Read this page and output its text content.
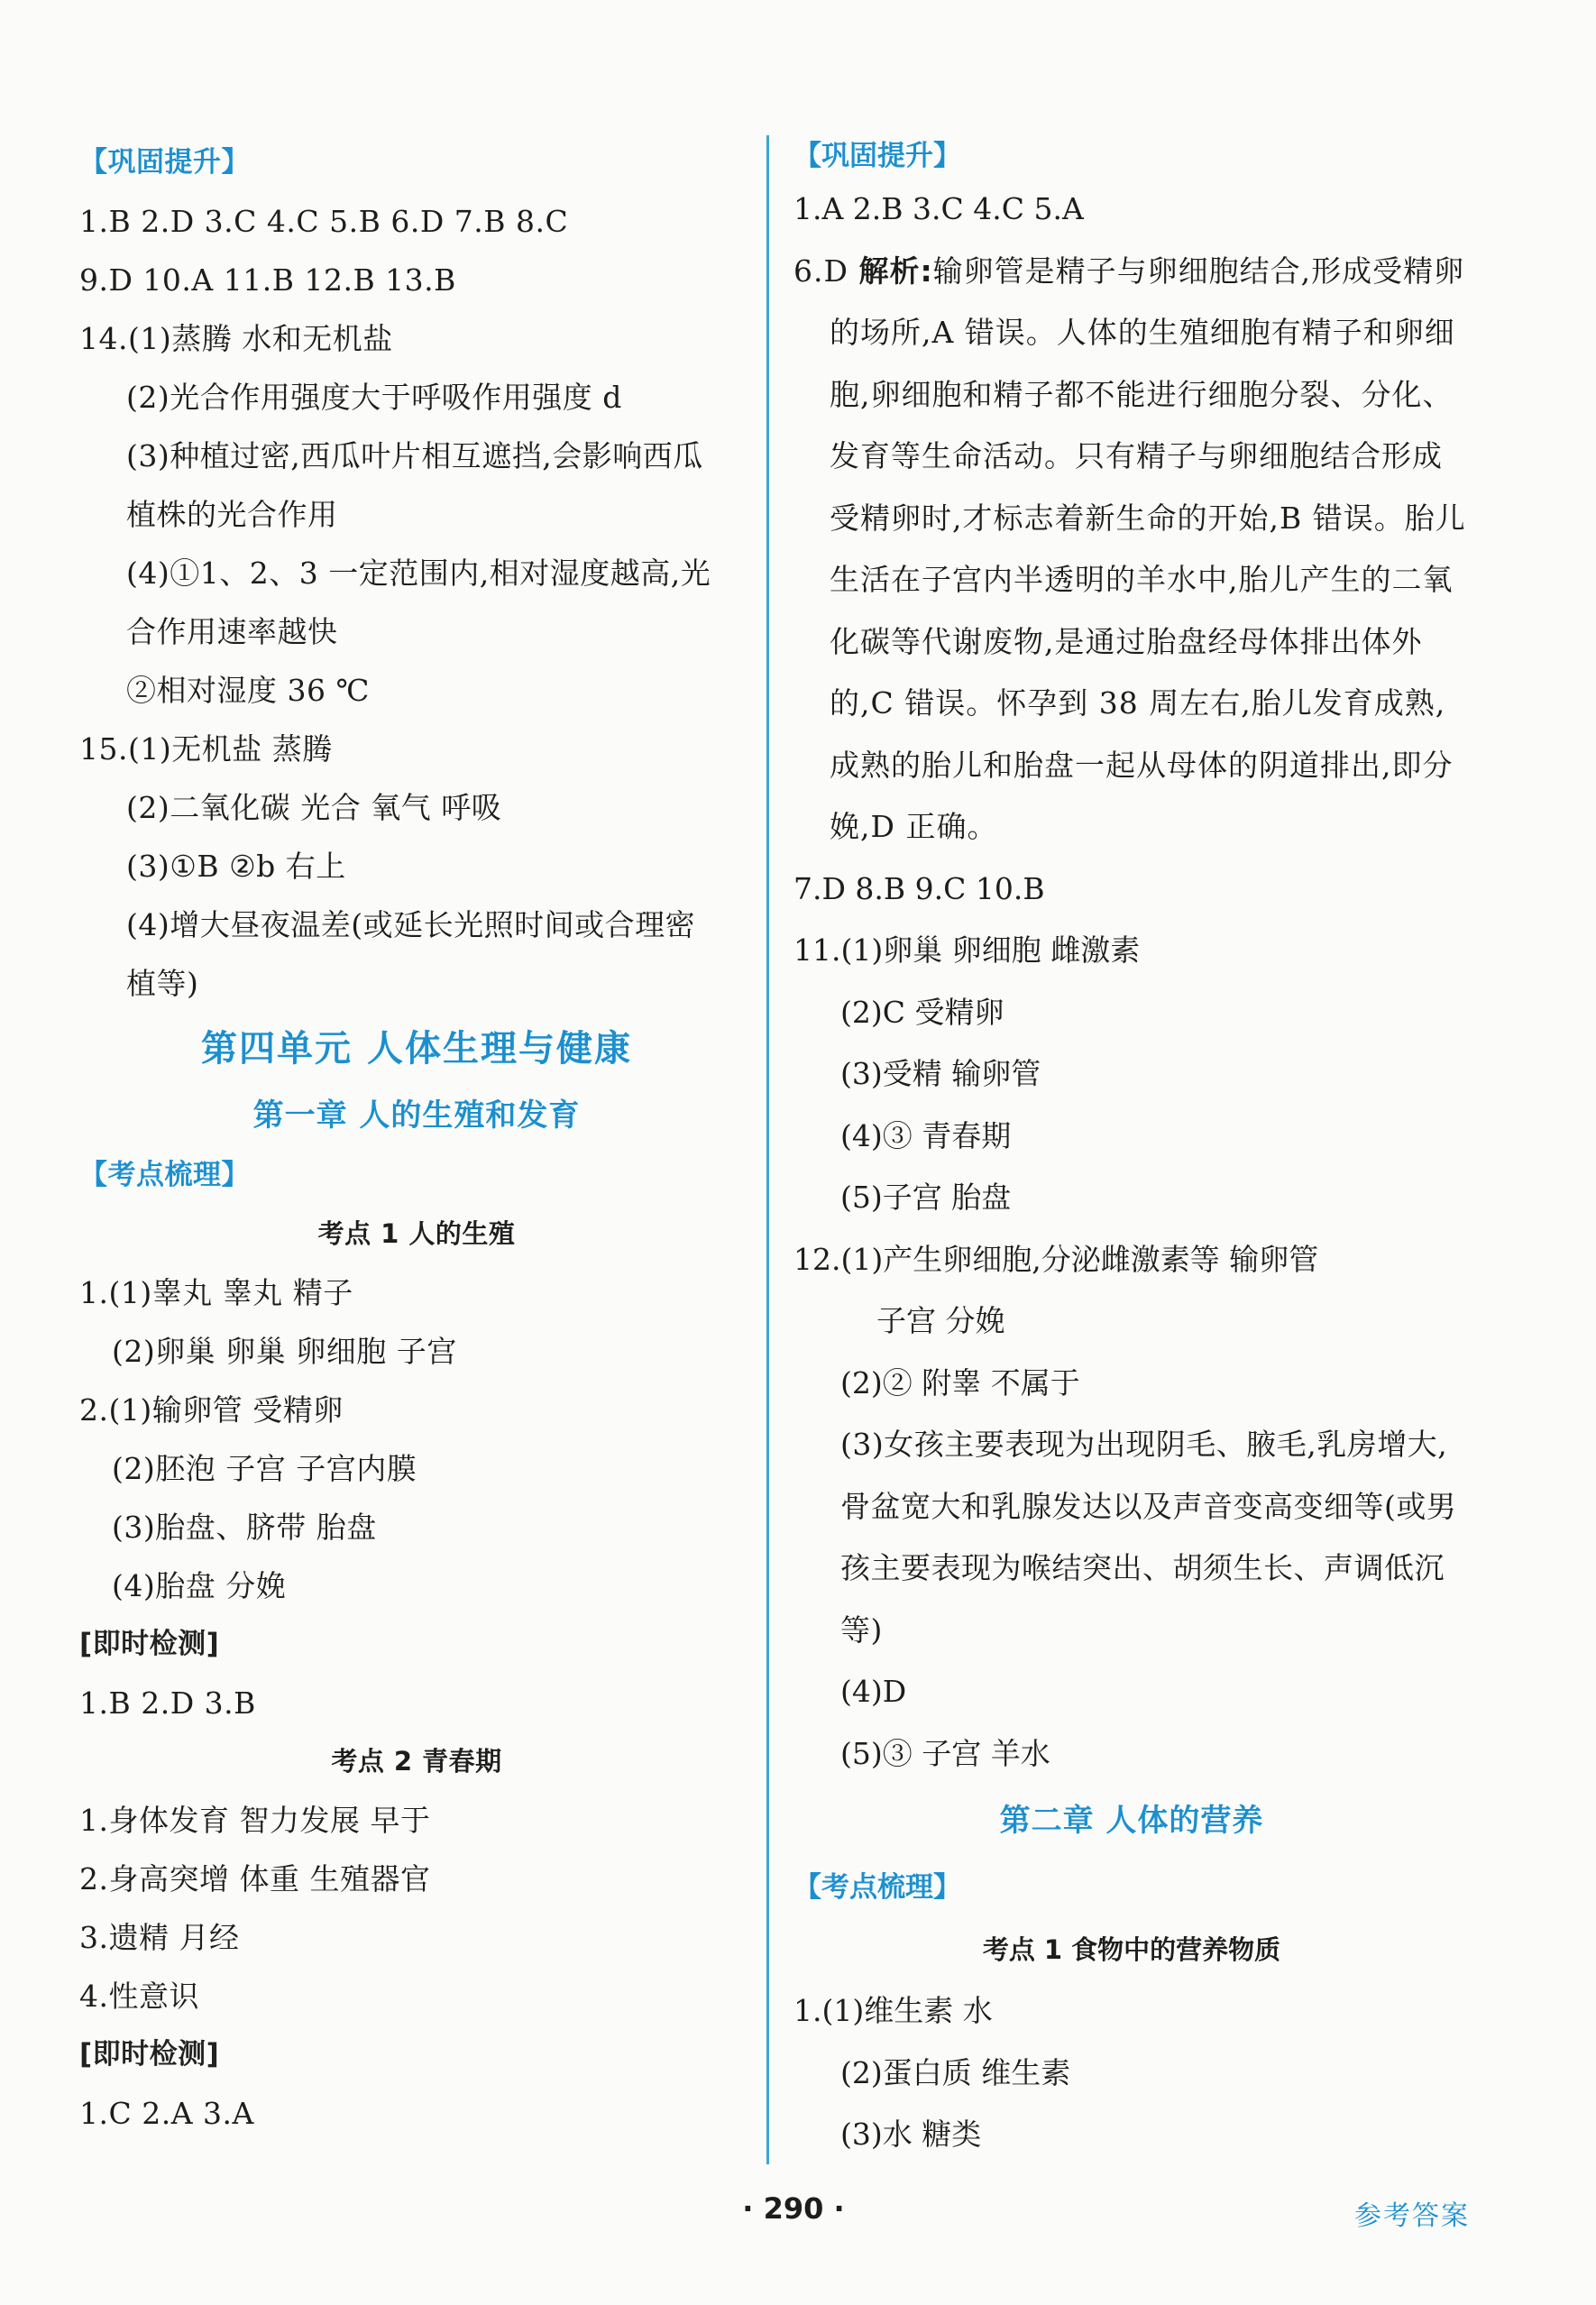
【巩固提升】
1.B 2.D 3.C 4.C 5.B 6.D 7.B 8.C
9.D 10.A 11.B 12.B 13.B
14.(1)蒸腾 水和无机盐
(2)光合作用强度大于呼吸作用强度 d
(3)种植过密,西瓜叶片相互遮挡,会影响西瓜
植株的光合作用
(4)①1、2、3 一定范围内,相对湿度越高,光
合作用速率越快
②相对湿度 36 ℃
15.(1)无机盐 蒸腾
(2)二氧化碳 光合 氧气 呼吸
(3)①B ②b 右上
(4)增大昼夜温差(或延长光照时间或合理密
植等)
第四单元 人体生理与健康
第一章 人的生殖和发育
【考点梳理】
考点 1 人的生殖
1.(1)睾丸 睾丸 精子
(2)卵巢 卵巢 卵细胞 子宫
2.(1)输卵管 受精卵
(2)胚泡 子宫 子宫内膜
(3)胎盘、脐带 胎盘
(4)胎盘 分娩
[即时检测]
1.B 2.D 3.B
考点 2 青春期
1.身体发育 智力发展 早于
2.身高突增 体重 生殖器官
3.遗精 月经
4.性意识
[即时检测]
1.C 2.A 3.A
【巩固提升】
1.A 2.B 3.C 4.C 5.A
6.D 解析:输卵管是精子与卵细胞结合,形成受精卵的场所,A 错误。人体的生殖细胞有精子和卵细胞,卵细胞和精子都不能进行细胞分裂、分化、发育等生命活动。只有精子与卵细胞结合形成受精卵时,才标志着新生命的开始,B 错误。胎儿生活在子宫内半透明的羊水中,胎儿产生的二氧化碳等代谢废物,是通过胎盘经母体排出体外的,C 错误。怀孕到 38 周左右,胎儿发育成熟,成熟的胎儿和胎盘一起从母体的阴道排出,即分娩,D 正确。
7.D 8.B 9.C 10.B
11.(1)卵巢 卵细胞 雌激素
(2)C 受精卵
(3)受精 输卵管
(4)③ 青春期
(5)子宫 胎盘
12.(1)产生卵细胞,分泌雌激素等 输卵管
子宫 分娩
(2)② 附睾 不属于
(3)女孩主要表现为出现阴毛、腋毛,乳房增大,骨盆宽大和乳腺发达以及声音变高变细等(或男孩主要表现为喉结突出、胡须生长、声调低沉等)
(4)D
(5)③ 子宫 羊水
第二章 人体的营养
【考点梳理】
考点 1 食物中的营养物质
1.(1)维生素 水
(2)蛋白质 维生素
(3)水 糖类
· 290 ·	参考答案
